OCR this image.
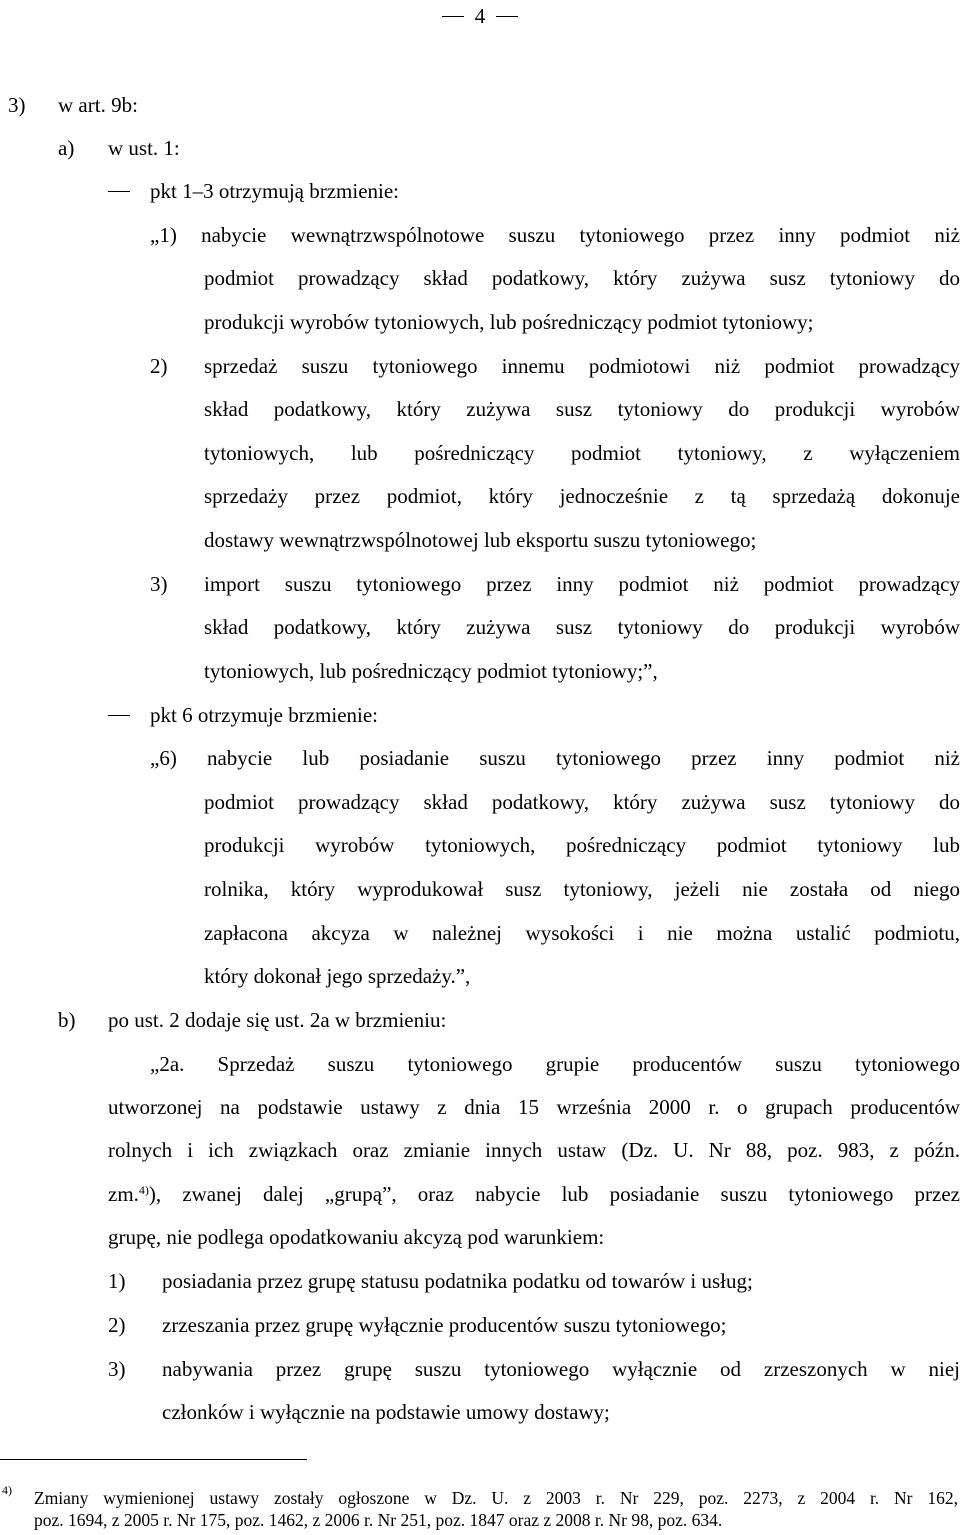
4
3) w art. 9b:
a) w ust. 1:
pkt 1–3 otrzymują brzmienie:
„1) nabycie wewnątrzwspólnotowe suszu tytoniowego przez inny podmiot niż
podmiot prowadzący skład podatkowy, który zużywa susz tytoniowy do
produkcji wyrobów tytoniowych, lub pośredniczący podmiot tytoniowy;
2) sprzedaż suszu tytoniowego innemu podmiotowi niż podmiot prowadzący
skład podatkowy, który zużywa susz tytoniowy do produkcji wyrobów
tytoniowych, lub pośredniczący podmiot tytoniowy, z wyłączeniem
sprzedaży przez podmiot, który jednocześnie z tą sprzedażą dokonuje
dostawy wewnątrzwspólnotowej lub eksportu suszu tytoniowego;
3) import suszu tytoniowego przez inny podmiot niż podmiot prowadzący
skład podatkowy, który zużywa susz tytoniowy do produkcji wyrobów
tytoniowych, lub pośredniczący podmiot tytoniowy;”,
pkt 6 otrzymuje brzmienie:
„6) nabycie lub posiadanie suszu tytoniowego przez inny podmiot niż
podmiot prowadzący skład podatkowy, który zużywa susz tytoniowy do
produkcji wyrobów tytoniowych, pośredniczący podmiot tytoniowy lub
rolnika, który wyprodukował susz tytoniowy, jeżeli nie została od niego
zapłacona akcyza w należnej wysokości i nie można ustalić podmiotu,
który dokonał jego sprzedaży.”,
b) po ust. 2 dodaje się ust. 2a w brzmieniu:
„2a. Sprzedaż suszu tytoniowego grupie producentów suszu tytoniowego
utworzonej na podstawie ustawy z dnia 15 września 2000 r. o grupach producentów
rolnych i ich związkach oraz zmianie innych ustaw (Dz. U. Nr 88, poz. 983, z późn.
zm. 4) ), zwanej dalej „grupą”, oraz nabycie lub posiadanie suszu tytoniowego przez
grupę, nie podlega opodatkowaniu akcyzą pod warunkiem:
1) posiadania przez grupę statusu podatnika podatku od towarów i usług;
2) zrzeszania przez grupę wyłącznie producentów suszu tytoniowego;
3) nabywania przez grupę suszu tytoniowego wyłącznie od zrzeszonych w niej
członków i wyłącznie na podstawie umowy dostawy;
4) Zmiany wymienionej ustawy zostały ogłoszone w Dz. U. z 2003 r. Nr 229, poz. 2273, z 2004 r. Nr 162,
poz. 1694, z 2005 r. Nr 175, poz. 1462, z 2006 r. Nr 251, poz. 1847 oraz z 2008 r. Nr 98, poz. 634.
